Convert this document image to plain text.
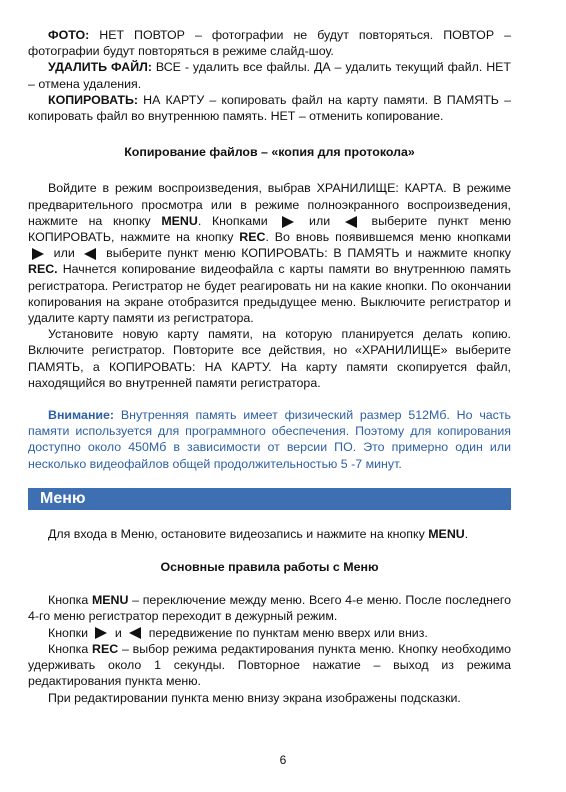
ФОТО: НЕТ ПОВТОР – фотографии не будут повторяться. ПОВТОР – фотографии будут повторяться в режиме слайд-шоу.

УДАЛИТЬ ФАЙЛ: ВСЕ - удалить все файлы. ДА – удалить текущий файл. НЕТ – отмена удаления.

КОПИРОВАТЬ: НА КАРТУ – копировать файл на карту памяти. В ПАМЯТЬ – копировать файл во внутреннюю память. НЕТ – отменить копирование.

Копирование файлов – «копия для протокола»

Войдите в режим воспроизведения, выбрав ХРАНИЛИЩЕ: КАРТА. В режиме предварительного просмотра или в режиме полноэкранного воспроизведения, нажмите на кнопку MENU. Кнопками  или  выберите пункт меню КОПИРОВАТЬ, нажмите на кнопку REC. Во вновь появившемся меню кнопками  или  выберите пункт меню КОПИРОВАТЬ: В ПАМЯТЬ и нажмите кнопку REC. Начнется копирование видеофайла с карты памяти во внутреннюю память регистратора. Регистратор не будет реагировать ни на какие кнопки. По окончании копирования на экране отобразится предыдущее меню. Выключите регистратор и удалите карту памяти из регистратора.

Установите новую карту памяти, на которую планируется делать копию. Включите регистратор. Повторите все действия, но «ХРАНИЛИЩЕ» выберите ПАМЯТЬ, а КОПИРОВАТЬ: НА КАРТУ. На карту памяти скопируется файл, находящийся во внутренней памяти регистратора.

Внимание: Внутренняя память имеет физический размер 512Мб. Но часть памяти используется для программного обеспечения. Поэтому для копирования доступно около 450Мб в зависимости от версии ПО. Это примерно один или несколько видеофайлов общей продолжительностью 5 -7 минут.

Меню

Для входа в Меню, остановите видеозапись и нажмите на кнопку MENU.

Основные правила работы с Меню

Кнопка MENU – переключение между меню. Всего 4-е меню. После последнего 4-го меню регистратор переходит в дежурный режим.

Кнопки  и  передвижение по пунктам меню вверх или вниз.

Кнопка REC – выбор режима редактирования пункта меню. Кнопку необходимо удерживать около 1 секунды. Повторное нажатие – выход из режима редактирования пункта меню.

При редактировании пункта меню внизу экрана изображены подсказки.

6
